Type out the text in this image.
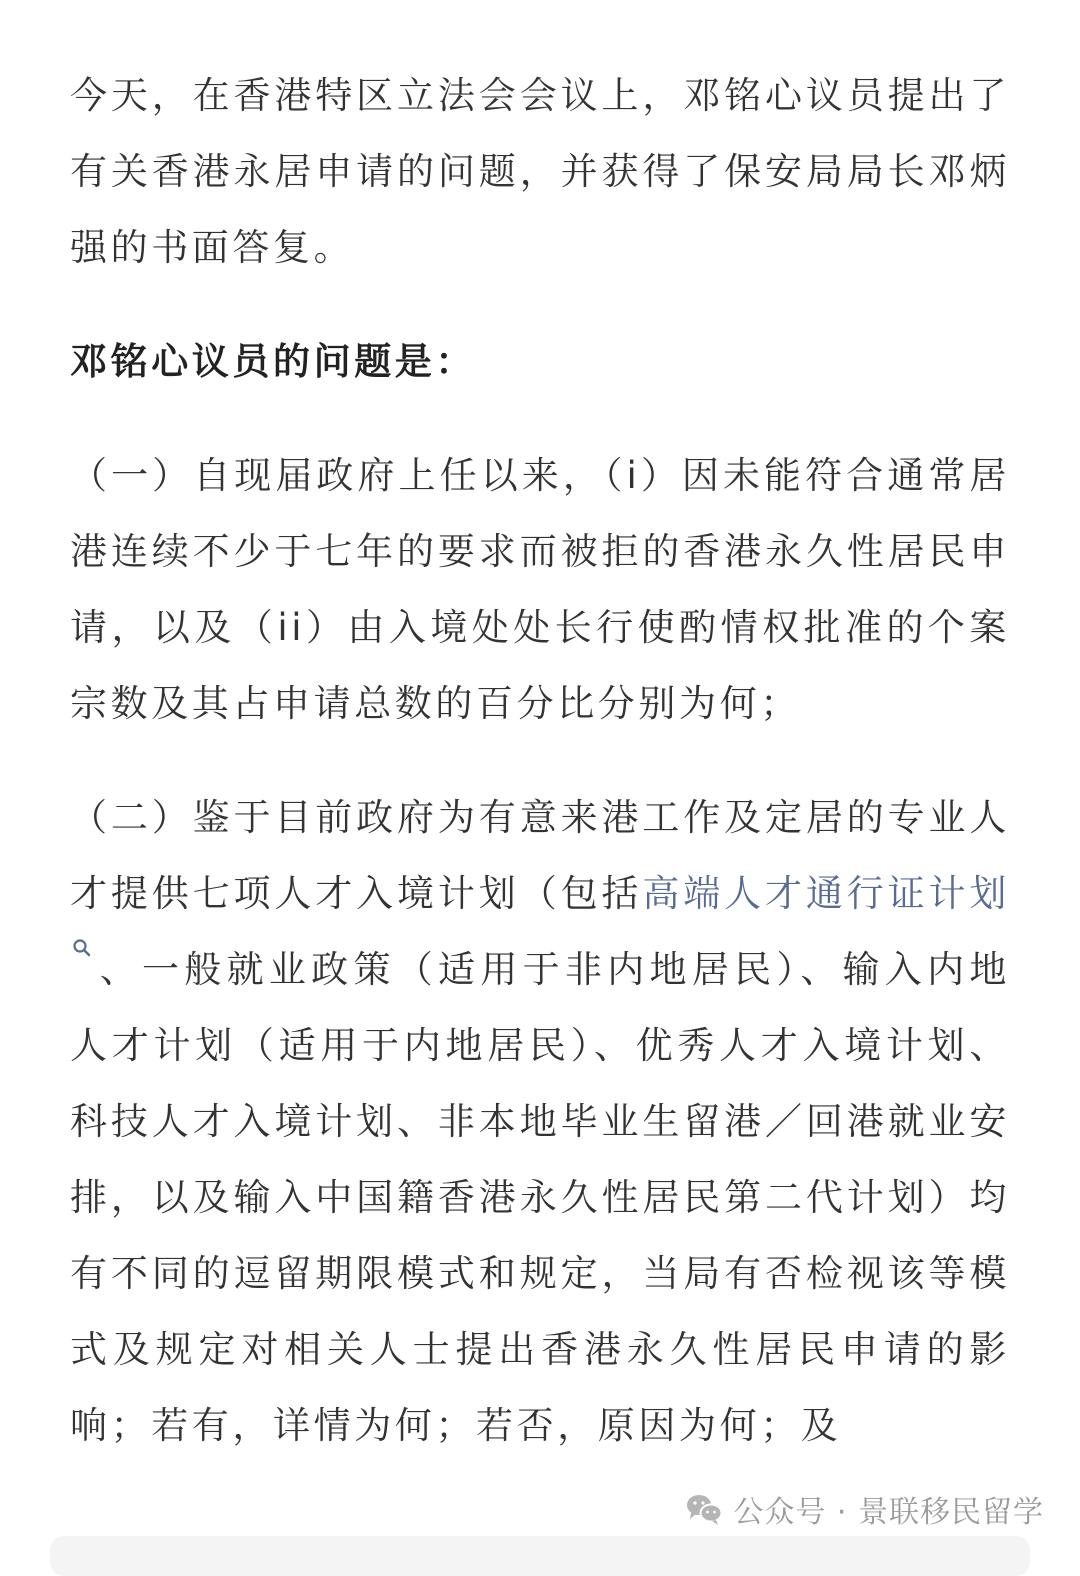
今天，在香港特区立法会会议上，邓铭心议员提出了有关香港永居申请的问题，并获得了保安局局长邓炳强的书面答复。

邓铭心议员的问题是：

（一）自现届政府上任以来，（i）因未能符合通常居港连续不少于七年的要求而被拒的香港永久性居民申请，以及（ii）由入境处处长行使酌情权批准的个案宗数及其占申请总数的百分比分别为何；

（二）鉴于目前政府为有意来港工作及定居的专业人才提供七项人才入境计划（包括高端人才通行证计划
、一般就业政策（适用于非内地居民）、输入内地人才计划（适用于内地居民）、优秀人才入境计划、科技人才入境计划、非本地毕业生留港／回港就业安排，以及输入中国籍香港永久性居民第二代计划）均有不同的逗留期限模式和规定，当局有否检视该等模式及规定对相关人士提出香港永久性居民申请的影响；若有，详情为何；若否，原因为何；及

公众号 · 景联移民留学
